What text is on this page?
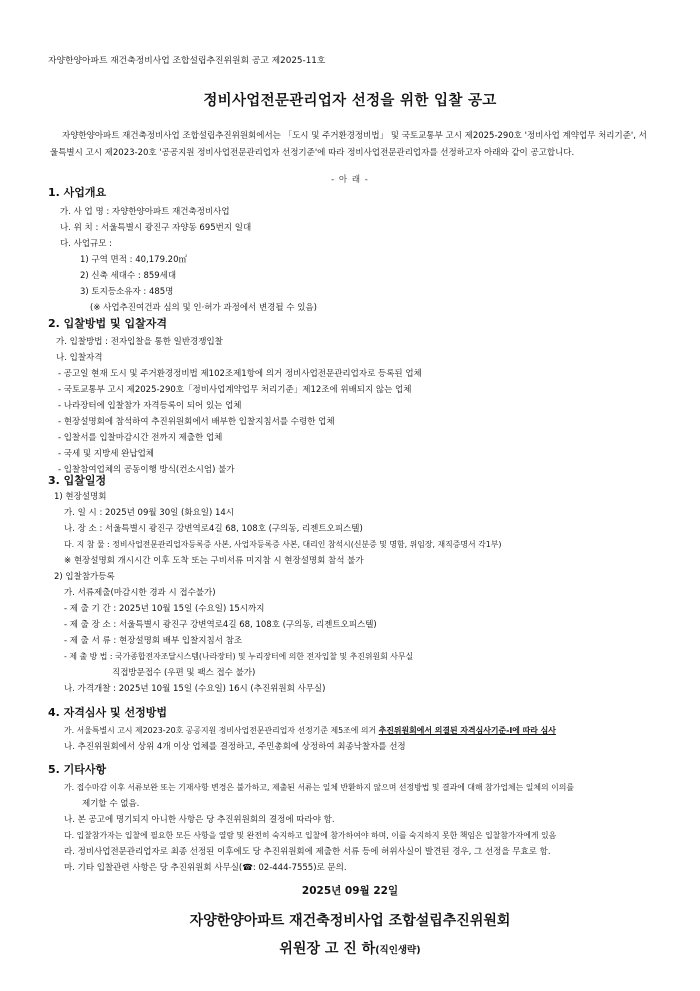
자양한양아파트 재건축정비사업 조합설립추진위원회 공고 제2025-11호
정비사업전문관리업자 선정을 위한 입찰 공고
자양한양아파트 재건축정비사업 조합설립추진위원회에서는 「도시 및 주거환경정비법」 및 국토교통부 고시 제2025-290호 '정비사업 계약업무 처리기준', 서울특별시 고시 제2023-20호 '공공지원 정비사업전문관리업자 선정기준'에 따라 정비사업전문관리업자를 선정하고자 아래와 같이 공고합니다.
- 아 래 -
1. 사업개요
가. 사 업 명 : 자양한양아파트 재건축정비사업
나. 위 치 : 서울특별시 광진구 자양동 695번지 일대
다. 사업규모 :
1) 구역 면적 : 40,179.20㎡
2) 신축 세대수 : 859세대
3) 토지등소유자 : 485명
(※ 사업추진여건과 심의 및 인·허가 과정에서 변경될 수 있음)
2. 입찰방법 및 입찰자격
가. 입찰방법 : 전자입찰을 통한 일반경쟁입찰
나. 입찰자격
- 공고일 현재 도시 및 주거환경정비법 제102조제1항에 의거 정비사업전문관리업자로 등록된 업체
- 국토교통부 고시 제2025-290호「정비사업계약업무 처리기준」제12조에 위배되지 않는 업체
- 나라장터에 입찰참가 자격등록이 되어 있는 업체
- 현장설명회에 참석하여 추진위원회에서 배부한 입찰지침서를 수령한 업체
- 입찰서를 입찰마감시간 전까지 제출한 업체
- 국세 및 지방세 완납업체
- 입찰참여업체의 공동이행 방식(컨소시엄) 불가
3. 입찰일정
1) 현장설명회
가. 일 시 : 2025년 09월 30일 (화요일) 14시
나. 장 소 : 서울특별시 광진구 강변역로4길 68, 108호 (구의동, 리젠트오피스텔)
다. 지 참 물 : 정비사업전문관리업자등록증 사본, 사업자등록증 사본, 대리인 참석시(신분증 및 명함, 위임장, 재직증명서 각1부)
※ 현장설명회 개시시간 이후 도착 또는 구비서류 미지참 시 현장설명회 참석 불가
2) 입찰참가등록
가. 서류제출(마감시한 경과 시 접수불가)
- 제 출 기 간 : 2025년 10월 15일 (수요일) 15시까지
- 제 출 장 소 : 서울특별시 광진구 강변역로4길 68, 108호 (구의동, 리젠트오피스텔)
- 제 출 서 류 : 현장설명회 배부 입찰지침서 참조
- 제 출 방 법 : 국가종합전자조달시스템(나라장터) 및 누리장터에 의한 전자입찰 및 추진위원회 사무실
직접방문접수 (우편 및 팩스 접수 불가)
나. 가격개찰 : 2025년 10월 15일 (수요일) 16시 (추진위원회 사무실)
4. 자격심사 및 선정방법
가. 서울특별시 고시 제2023-20호 공공지원 정비사업전문관리업자 선정기준 제5조에 의거 추진위원회에서 의결된 자격심사기준-Ⅰ에 따라 심사
나. 추진위원회에서 상위 4개 이상 업체를 결정하고, 주민총회에 상정하여 최종낙찰자를 선정
5. 기타사항
가. 접수마감 이후 서류보완 또는 기재사항 변경은 불가하고, 제출된 서류는 일체 반환하지 않으며 선정방법 및 결과에 대해 참가업체는 일체의 이의를
제기할 수 없음.
나. 본 공고에 명기되지 아니한 사항은 당 추진위원회의 결정에 따라야 함.
다. 입찰참가자는 입찰에 필요한 모든 사항을 열람 및 완전히 숙지하고 입찰에 참가하여야 하며, 이를 숙지하지 못한 책임은 입찰참가자에게 있음
라. 정비사업전문관리업자로 최종 선정된 이후에도 당 추진위원회에 제출한 서류 등에 허위사실이 발견된 경우, 그 선정을 무효로 함.
마. 기타 입찰관련 사항은 당 추진위원회 사무실(☎: 02-444-7555)로 문의.
2025년 09월 22일
자양한양아파트 재건축정비사업 조합설립추진위원회
위원장 고 진 하(직인생략)
